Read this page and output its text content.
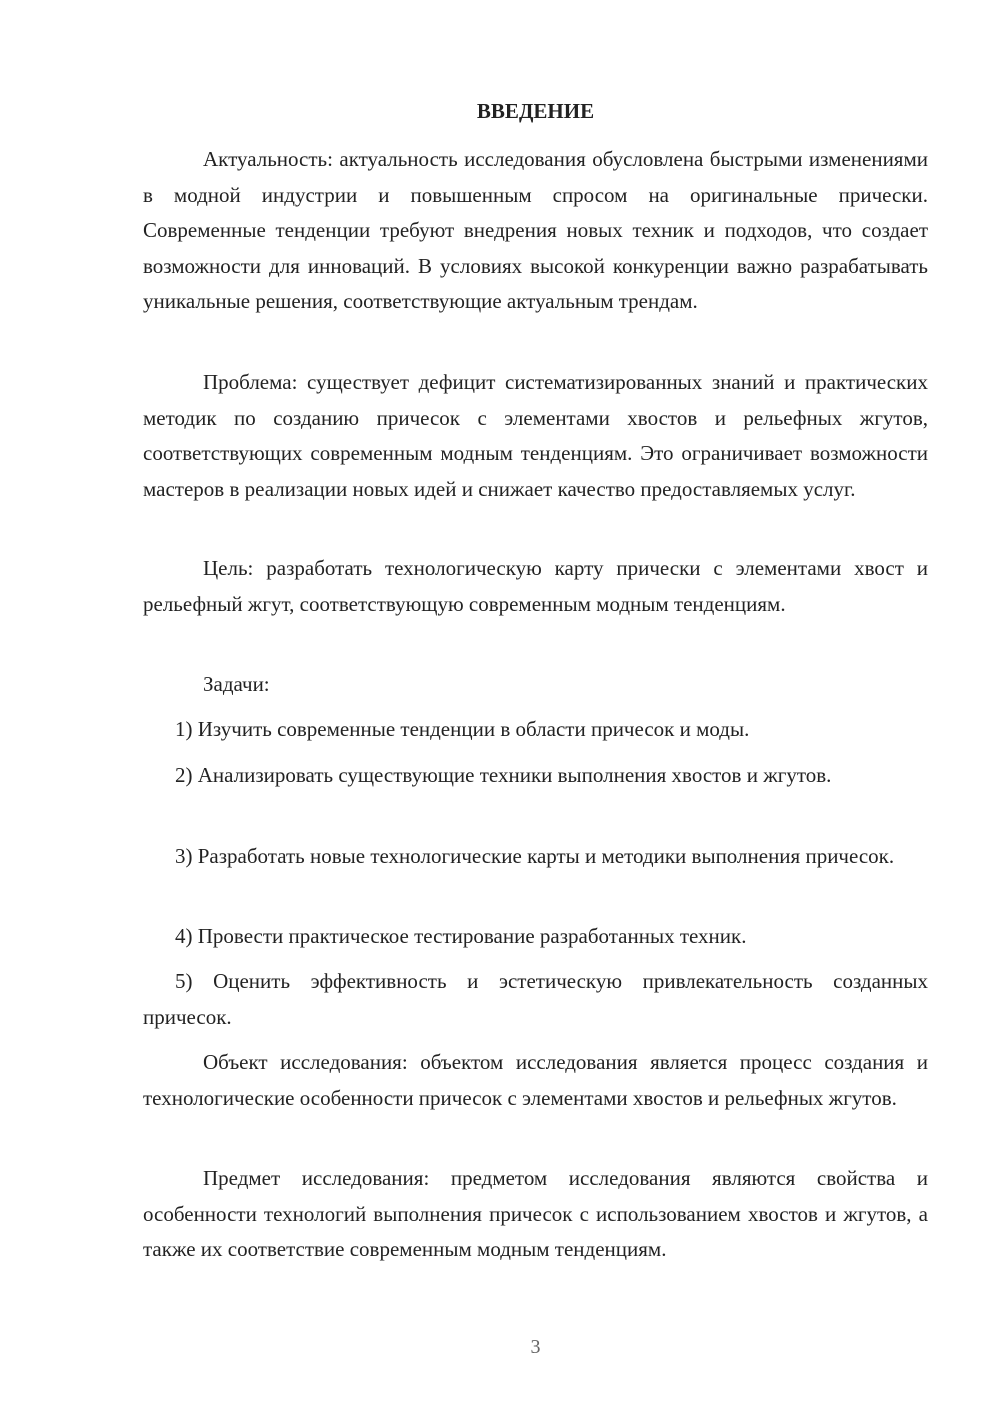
ВВЕДЕНИЕ

Актуальность: актуальность исследования обусловлена быстрыми изменениями в модной индустрии и повышенным спросом на оригинальные прически. Современные тенденции требуют внедрения новых техник и подходов, что создает возможности для инноваций. В условиях высокой конкуренции важно разрабатывать уникальные решения, соответствующие актуальным трендам.

Проблема: существует дефицит систематизированных знаний и практических методик по созданию причесок с элементами хвостов и рельефных жгутов, соответствующих современным модным тенденциям. Это ограничивает возможности мастеров в реализации новых идей и снижает качество предоставляемых услуг.

Цель: разработать технологическую карту прически с элементами хвост и рельефный жгут, соответствующую современным модным тенденциям.

Задачи:

1) Изучить современные тенденции в области причесок и моды.

2) Анализировать существующие техники выполнения хвостов и жгутов.

3) Разработать новые технологические карты и методики выполнения причесок.

4) Провести практическое тестирование разработанных техник.

5) Оценить эффективность и эстетическую привлекательность созданных причесок.

Объект исследования: объектом исследования является процесс создания и технологические особенности причесок с элементами хвостов и рельефных жгутов.

Предмет исследования: предметом исследования являются свойства и особенности технологий выполнения причесок с использованием хвостов и жгутов, а также их соответствие современным модным тенденциям.

3
